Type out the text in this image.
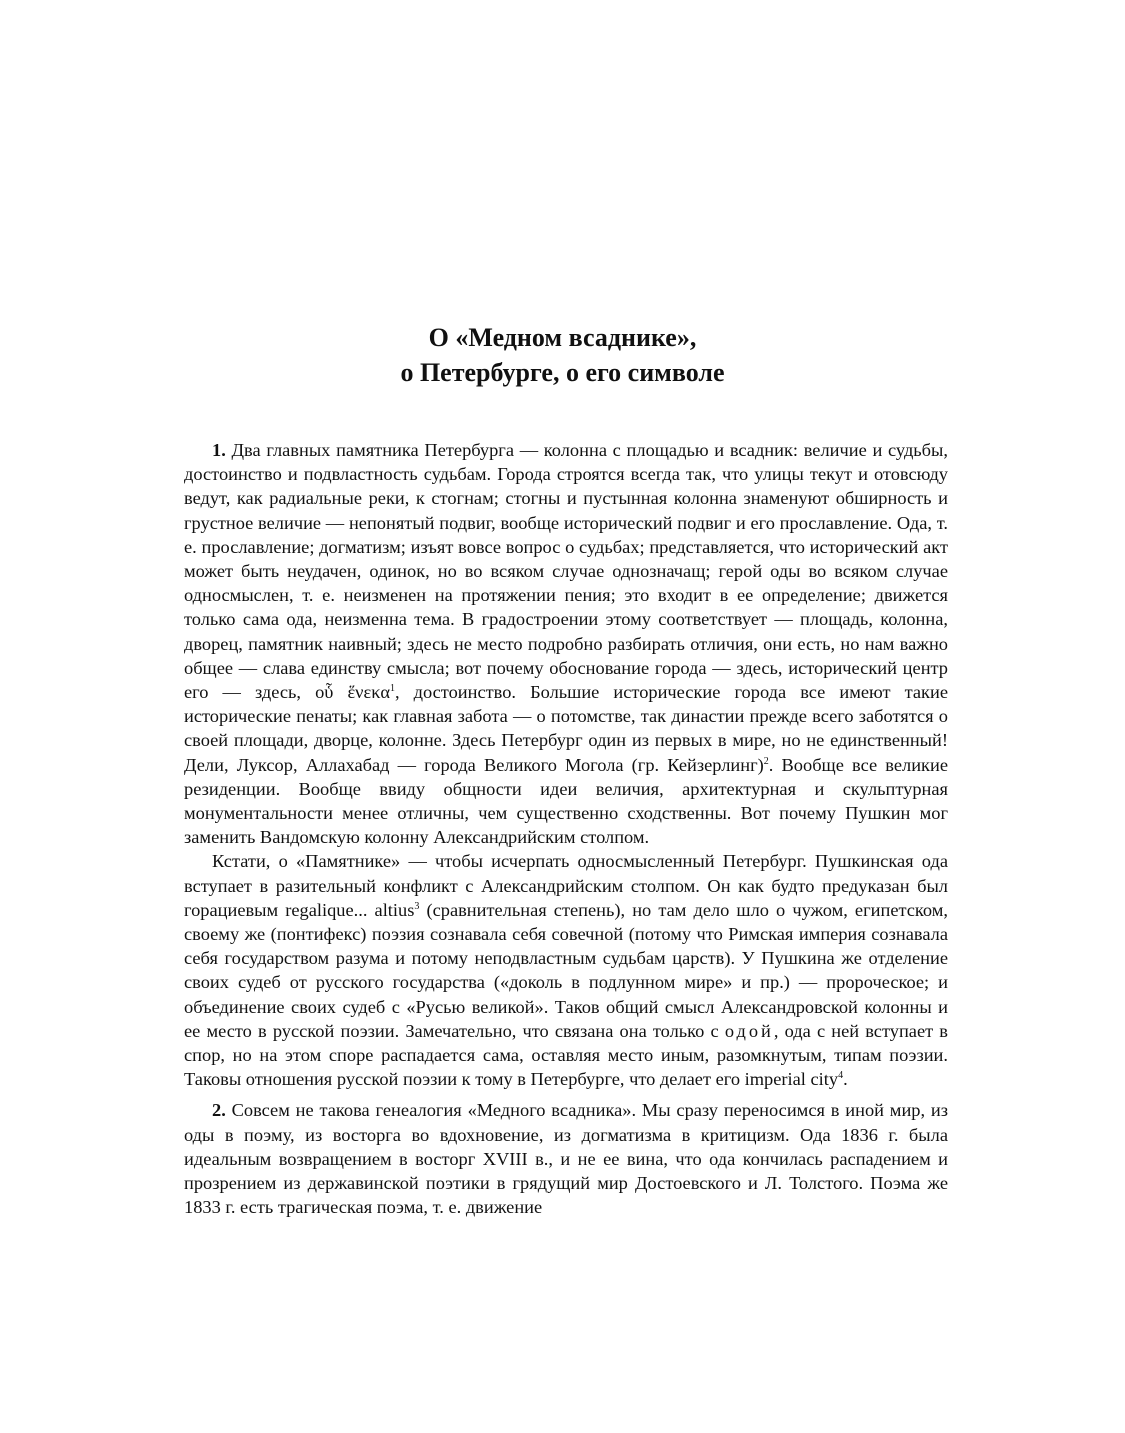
О «Медном всаднике»,

о Петербурге, о его символе

1. Два главных памятника Петербурга — колонна с площадью и всадник: величие и судьбы, достоинство и подвластность судьбам. Города строятся всегда так, что улицы текут и отовсюду ведут, как радиальные реки, к стогнам; стогны и пустынная колонна знаменуют обширность и грустное величие — непонятый подвиг, вообще исторический подвиг и его прославление. Ода, т. е. прославление; догматизм; изъят вовсе вопрос о судьбах; представляется, что исторический акт может быть неудачен, одинок, но во всяком случае однозначащ; герой оды во всяком случае односмыслен, т. е. неизменен на протяжении пения; это входит в ее определение; движется только сама ода, неизменна тема. В градостроении этому соответствует — площадь, колонна, дворец, памятник наивный; здесь не место подробно разбирать отличия, они есть, но нам важно общее — слава единству смысла; вот почему обоснование города — здесь, исторический центр его — здесь, οὗ ἕνεκα$^1$, достоинство. Большие исторические города все имеют такие исторические пенаты; как главная забота — о потомстве, так династии прежде всего заботятся о своей площади, дворце, колонне. Здесь Петербург один из первых в мире, но не единственный! Дели, Луксор, Аллахабад — города Великого Могола (гр. Кейзерлинг)$^2$. Вообще все великие резиденции. Вообще ввиду общности идеи величия, архитектурная и скульптурная монументальности менее отличны, чем существенно сходственны. Вот почему Пушкин мог заменить Вандомскую колонну Александрийским столпом.

Кстати, о «Памятнике» — чтобы исчерпать односмысленный Петербург. Пушкинская ода вступает в разительный конфликт с Александрийским столпом. Он как будто предуказан был горациевым regalique... altius$^3$ (сравнительная степень), но там дело шло о чужом, египетском, своему же (понтифекс) поэзия сознавала себя совечной (потому что Римская империя сознавала себя государством разума и потому неподвластным судьбам царств). У Пушкина же отделение своих судеб от русского государства («доколь в подлунном мире» и пр.) — пророческое; и объединение своих судеб с «Русью великой». Таков общий смысл Александровской колонны и ее место в русской поэзии. Замечательно, что связана она только с одой, ода с ней вступает в спор, но на этом споре распадается сама, оставляя место иным, разомкнутым, типам поэзии. Таковы отношения русской поэзии к тому в Петербурге, что делает его imperial city$^4$.

2. Совсем не такова генеалогия «Медного всадника». Мы сразу переносимся в иной мир, из оды в поэму, из восторга во вдохновение, из догматизма в критицизм. Ода 1836 г. была идеальным возвращением в восторг XVIII в., и не ее вина, что ода кончилась распадением и прозрением из державинской поэтики в грядущий мир Достоевского и Л. Толстого. Поэма же 1833 г. есть трагическая поэма, т. е. движение
